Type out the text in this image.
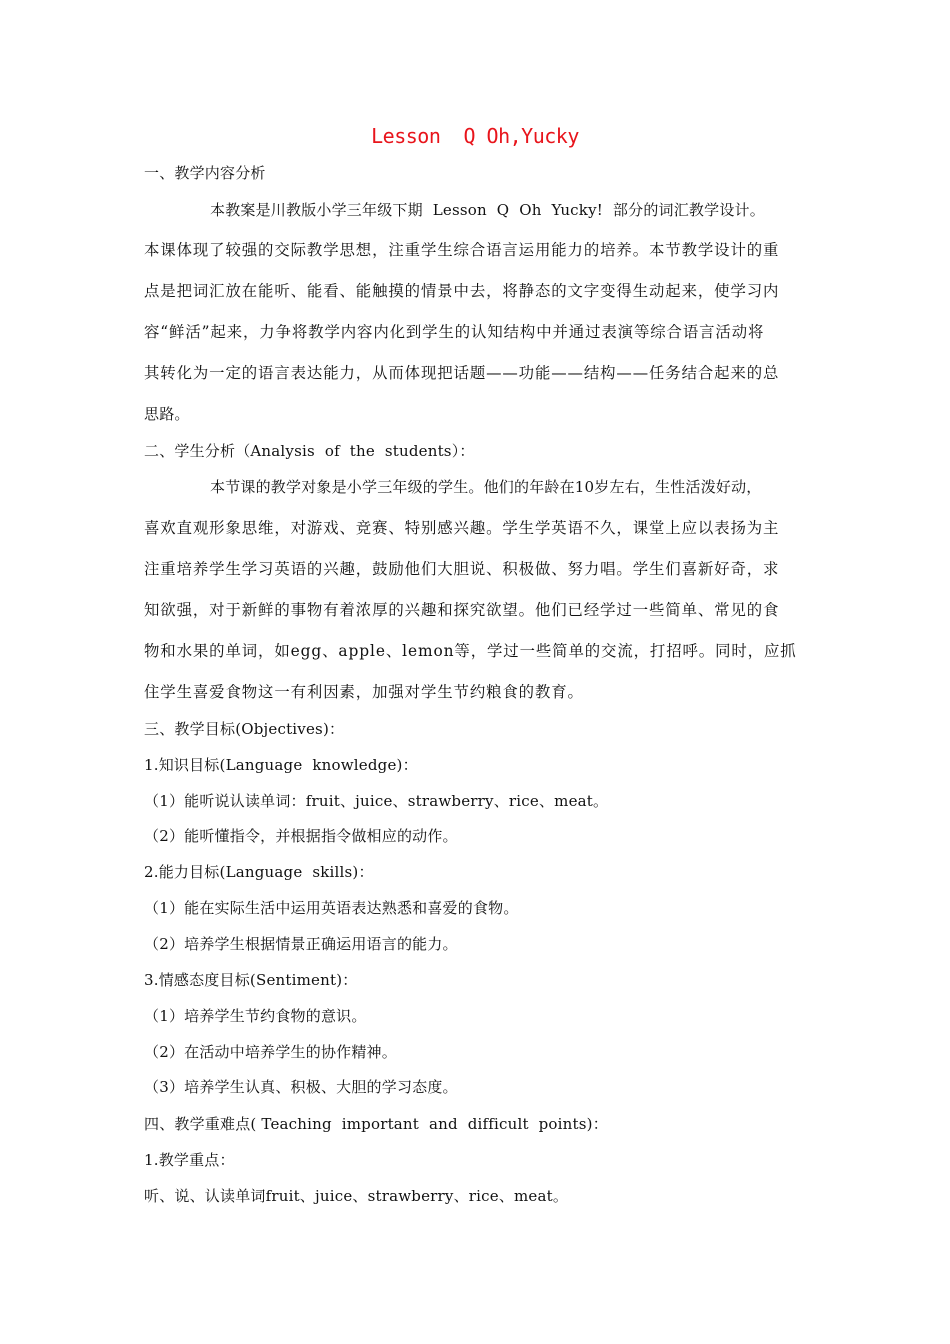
Lesson  Q Oh,Yucky
一、教学内容分析
本教案是川教版小学三年级下期  Lesson  Q  Oh  Yucky!  部分的词汇教学设计。
本课体现了较强的交际教学思想，注重学生综合语言运用能力的培养。本节教学设计的重
点是把词汇放在能听、能看、能触摸的情景中去，将静态的文字变得生动起来，使学习内
容“鲜活”起来，力争将教学内容内化到学生的认知结构中并通过表演等综合语言活动将
其转化为一定的语言表达能力，从而体现把话题——功能——结构——任务结合起来的总
思路。
二、学生分析（Analysis  of  the  students）：
本节课的教学对象是小学三年级的学生。他们的年龄在10岁左右，生性活泼好动，
喜欢直观形象思维，对游戏、竞赛、特别感兴趣。学生学英语不久，课堂上应以表扬为主
注重培养学生学习英语的兴趣，鼓励他们大胆说、积极做、努力唱。学生们喜新好奇，求
知欲强，对于新鲜的事物有着浓厚的兴趣和探究欲望。他们已经学过一些简单、常见的食
物和水果的单词，如egg、apple、lemon等，学过一些简单的交流，打招呼。同时，应抓
住学生喜爱食物这一有利因素，加强对学生节约粮食的教育。
三、教学目标(Objectives)：
1.知识目标(Language  knowledge)：
（1）能听说认读单词：fruit、juice、strawberry、rice、meat。
（2）能听懂指令，并根据指令做相应的动作。
2.能力目标(Language  skills)：
（1）能在实际生活中运用英语表达熟悉和喜爱的食物。
（2）培养学生根据情景正确运用语言的能力。
3.情感态度目标(Sentiment)：
（1）培养学生节约食物的意识。
（2）在活动中培养学生的协作精神。
（3）培养学生认真、积极、大胆的学习态度。
四、教学重难点( Teaching  important  and  difficult  points)：
1.教学重点：
听、说、认读单词fruit、juice、strawberry、rice、meat。
